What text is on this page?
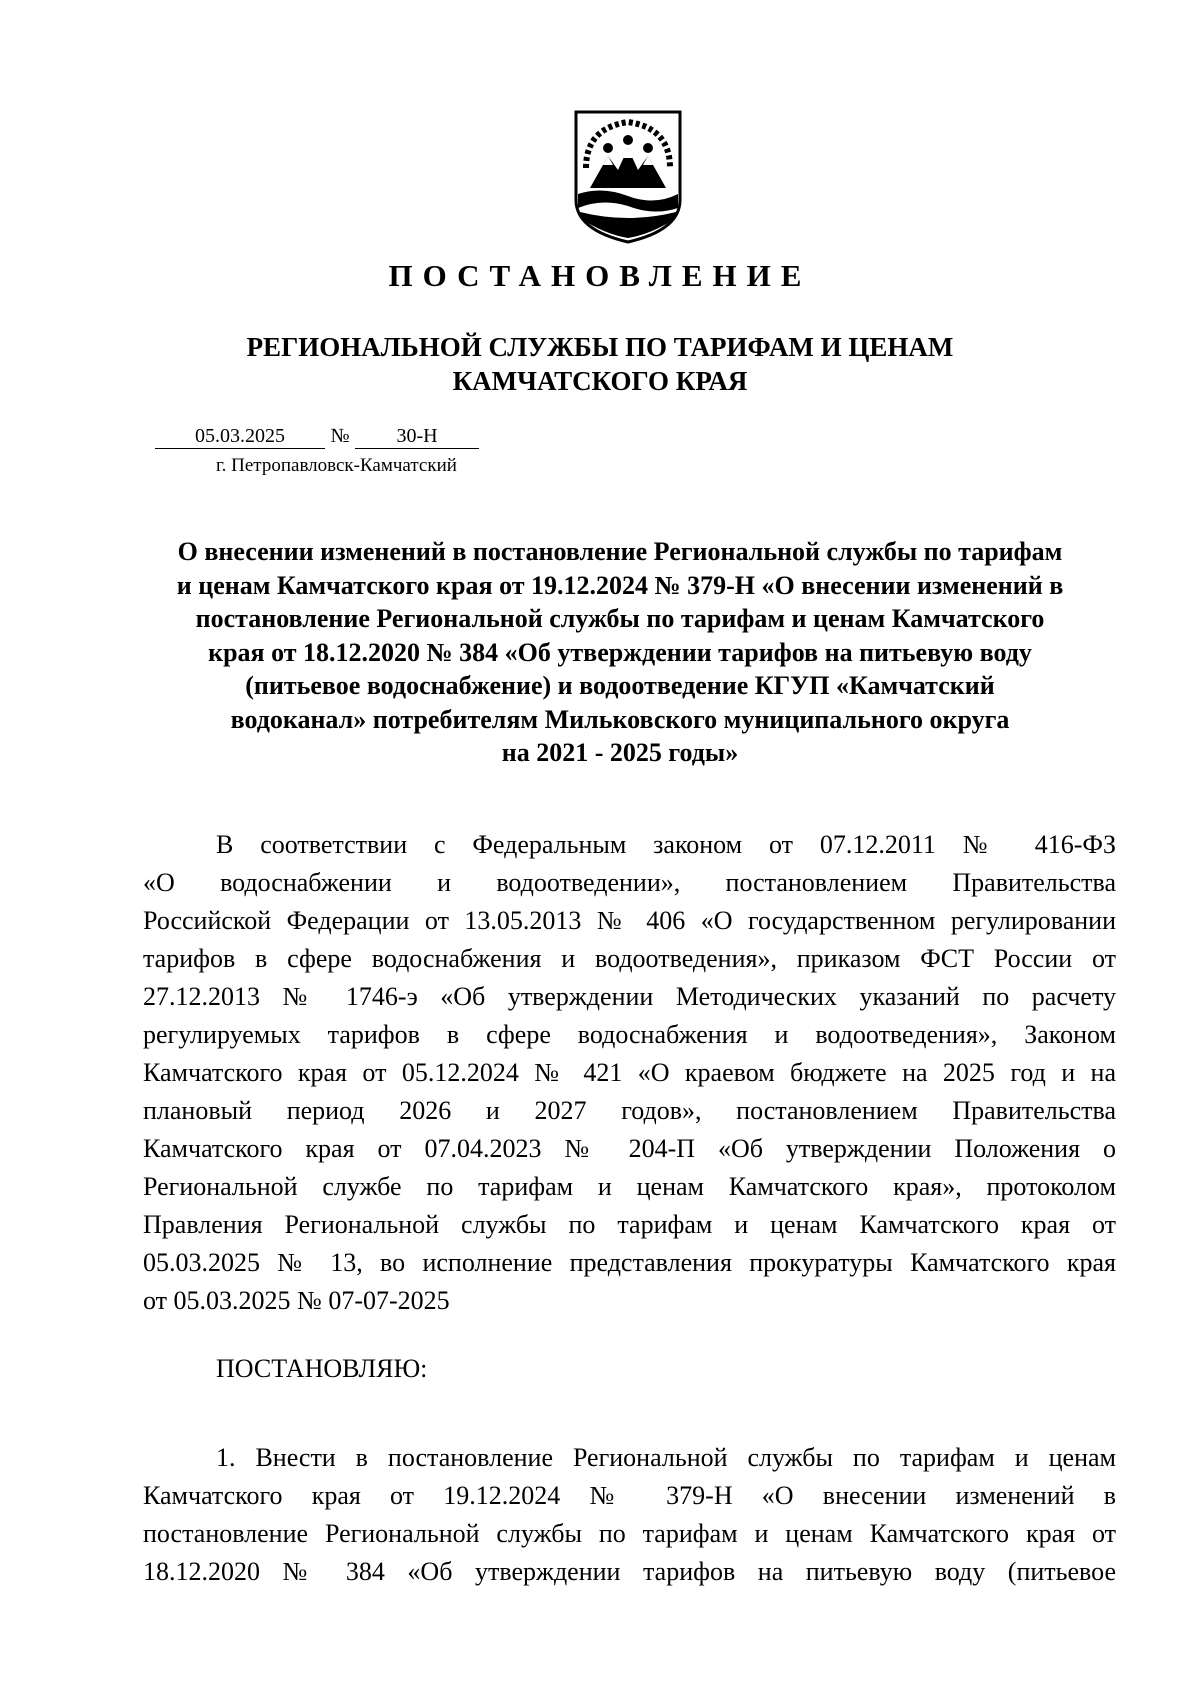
ПОСТАНОВЛЕНИЕ
РЕГИОНАЛЬНОЙ СЛУЖБЫ ПО ТАРИФАМ И ЦЕНАМ
КАМЧАТСКОГО КРАЯ
05.03.2025 № 30-Н
г. Петропавловск-Камчатский
О внесении изменений в постановление Региональной службы по тарифам
и ценам Камчатского края от 19.12.2024 № 379-Н «О внесении изменений в
постановление Региональной службы по тарифам и ценам Камчатского
края от 18.12.2020 № 384 «Об утверждении тарифов на питьевую воду
(питьевое водоснабжение) и водоотведение КГУП «Камчатский
водоканал» потребителям Мильковского муниципального округа
на 2021 - 2025 годы»
В соответствии с Федеральным законом от 07.12.2011 № 416-ФЗ
«О водоснабжении и водоотведении», постановлением Правительства
Российской Федерации от 13.05.2013 № 406 «О государственном регулировании
тарифов в сфере водоснабжения и водоотведения», приказом ФСТ России от
27.12.2013 № 1746-э «Об утверждении Методических указаний по расчету
регулируемых тарифов в сфере водоснабжения и водоотведения», Законом
Камчатского края от 05.12.2024 № 421 «О краевом бюджете на 2025 год и на
плановый период 2026 и 2027 годов», постановлением Правительства
Камчатского края от 07.04.2023 № 204-П «Об утверждении Положения о
Региональной службе по тарифам и ценам Камчатского края», протоколом
Правления Региональной службы по тарифам и ценам Камчатского края от
05.03.2025 № 13, во исполнение представления прокуратуры Камчатского края
от 05.03.2025 № 07-07-2025
ПОСТАНОВЛЯЮ:
1. Внести в постановление Региональной службы по тарифам и ценам
Камчатского края от 19.12.2024 № 379-Н «О внесении изменений в
постановление Региональной службы по тарифам и ценам Камчатского края от
18.12.2020 № 384 «Об утверждении тарифов на питьевую воду (питьевое
